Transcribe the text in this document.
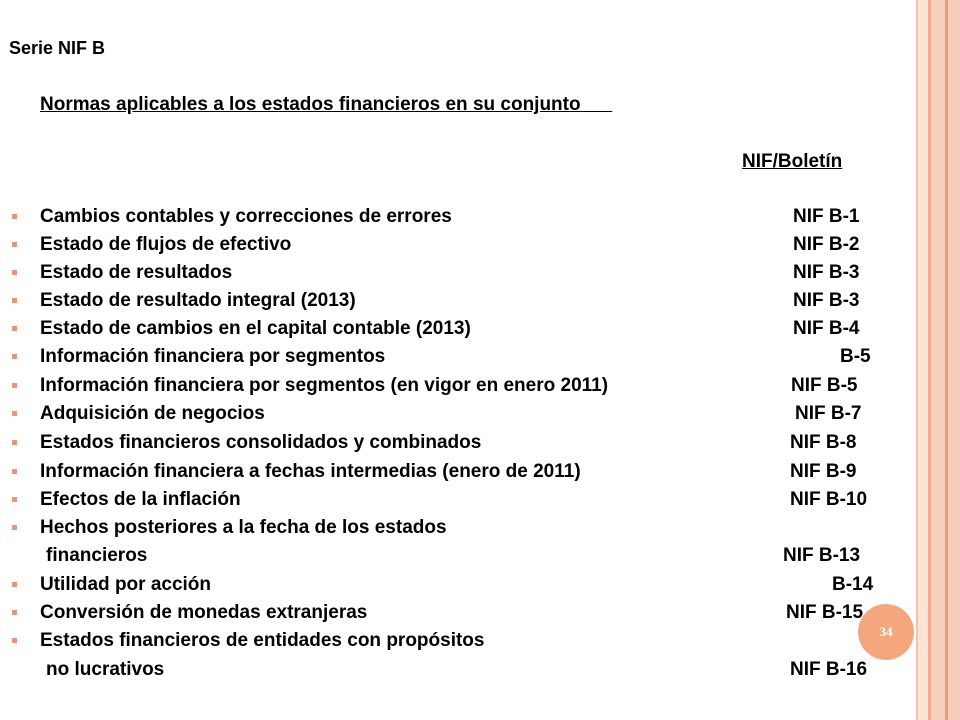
Serie NIF B
Normas aplicables a los estados financieros en su conjunto
NIF/Boletín
Cambios contables y correcciones de errores	NIF B-1
Estado de flujos de efectivo	NIF B-2
Estado de resultados	NIF B-3
Estado de resultado integral (2013)	NIF B-3
Estado de cambios en el capital contable (2013)	NIF B-4
Información financiera por segmentos	B-5
Información financiera por segmentos (en vigor en enero 2011)	NIF B-5
Adquisición de negocios	NIF B-7
Estados financieros consolidados y combinados	NIF B-8
Información financiera a fechas intermedias (enero de 2011)	NIF B-9
Efectos de la inflación	NIF B-10
Hechos posteriores a la fecha de los estados
financieros	NIF B-13
Utilidad por acción	B-14
Conversión de monedas extranjeras	NIF B-15
34
Estados financieros de entidades con propósitos
no lucrativos	NIF B-16
